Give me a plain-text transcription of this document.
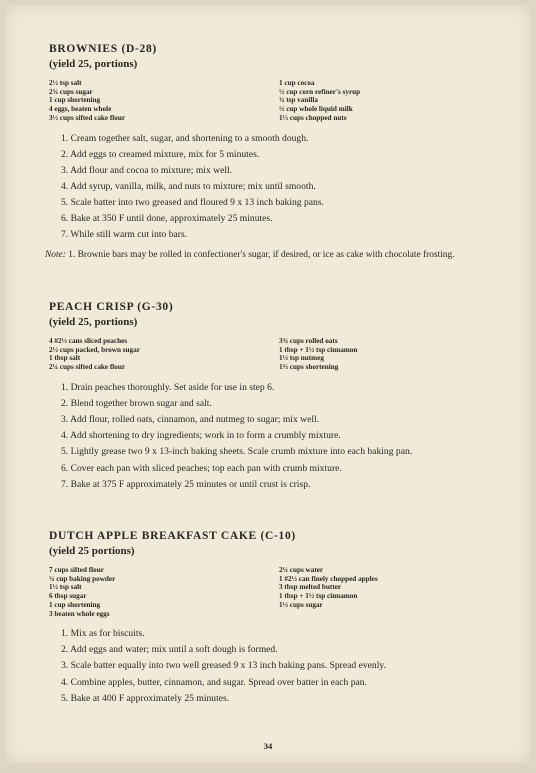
BROWNIES (D-28)
(yield 25, portions)
2½ tsp salt
2¾ cups sugar
1 cup shortening
4 eggs, beaten whole
3½ cups sifted cake flour
1 cup cocoa
½ cup corn refiner's syrup
¾ tsp vanilla
½ cup whole liquid milk
1⅓ cups chopped nuts
1. Cream together salt, sugar, and shortening to a smooth dough.
2. Add eggs to creamed mixture, mix for 5 minutes.
3. Add flour and cocoa to mixture; mix well.
4. Add syrup, vanilla, milk, and nuts to mixture; mix until smooth.
5. Scale batter into two greased and floured 9 x 13 inch baking pans.
6. Bake at 350 F until done, approximately 25 minutes.
7. While still warm cut into bars.
Note: 1. Brownie bars may be rolled in confectioner's sugar, if desired, or ice as cake with chocolate frosting.
PEACH CRISP (G-30)
(yield 25, portions)
4 #2½ cans sliced peaches
2½ cups packed, brown sugar
1 tbsp salt
2¼ cups sifted cake flour
3¾ cups rolled oats
1 tbsp + 1½ tsp cinnamon
1½ tsp nutmeg
1⅔ cups shortening
1. Drain peaches thoroughly. Set aside for use in step 6.
2. Blend together brown sugar and salt.
3. Add flour, rolled oats, cinnamon, and nutmeg to sugar; mix well.
4. Add shortening to dry ingredients; work in to form a crumbly mixture.
5. Lightly grease two 9 x 13-inch baking sheets. Scale crumb mixture into each baking pan.
6. Cover each pan with sliced peaches; top each pan with crumb mixture.
7. Bake at 375 F approximately 25 minutes or until crust is crisp.
DUTCH APPLE BREAKFAST CAKE (C-10)
(yield 25 portions)
7 cups sifted flour
¼ cup baking powder
1½ tsp salt
6 tbsp sugar
1 cup shortening
3 beaten whole eggs
2¼ cups water
1 #2½ can finely chopped apples
3 tbsp melted butter
1 tbsp + 1½ tsp cinnamon
1½ cups sugar
1. Mix as for biscuits.
2. Add eggs and water; mix until a soft dough is formed.
3. Scale batter equally into two well greased 9 x 13 inch baking pans. Spread evenly.
4. Combine apples, butter, cinnamon, and sugar. Spread over batter in each pan.
5. Bake at 400 F approximately 25 minutes.
34
